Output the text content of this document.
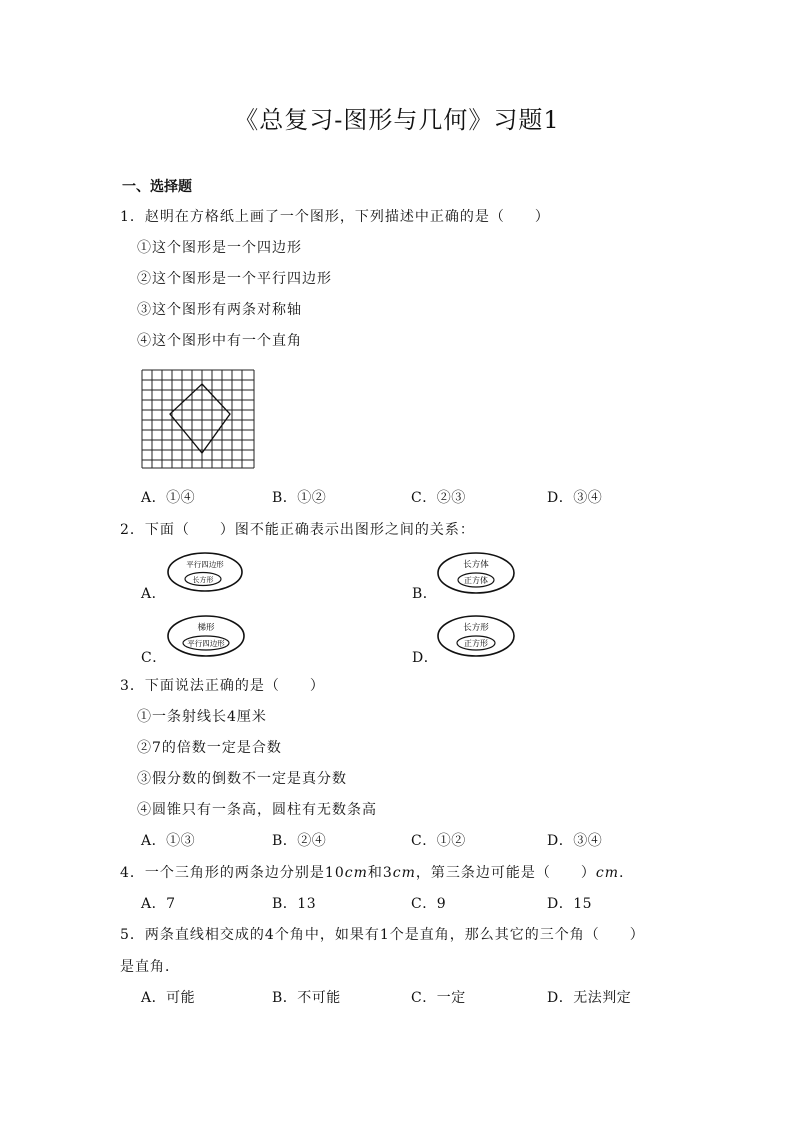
《总复习-图形与几何》习题1
一、选择题
1．赵明在方格纸上画了一个图形，下列描述中正确的是（　　）
①这个图形是一个四边形
②这个图形是一个平行四边形
③这个图形有两条对称轴
④这个图形中有一个直角
A．①④	B．①②	C．②③	D．③④
2．下面（　　）图不能正确表示出图形之间的关系：
A．
平行四边形
长方形
B．
长方体
正方体
C．
梯形
平行四边形
D．
长方形
正方形
3．下面说法正确的是（　　）
①一条射线长4厘米
②7的倍数一定是合数
③假分数的倒数不一定是真分数
④圆锥只有一条高，圆柱有无数条高
A．①③	B．②④	C．①②	D．③④
4．一个三角形的两条边分别是10cm和3cm，第三条边可能是（　　）cm.
A．7	B．13	C．9	D．15
5．两条直线相交成的4个角中，如果有1个是直角，那么其它的三个角（　　）
是直角．
A．可能	B．不可能	C．一定	D．无法判定
